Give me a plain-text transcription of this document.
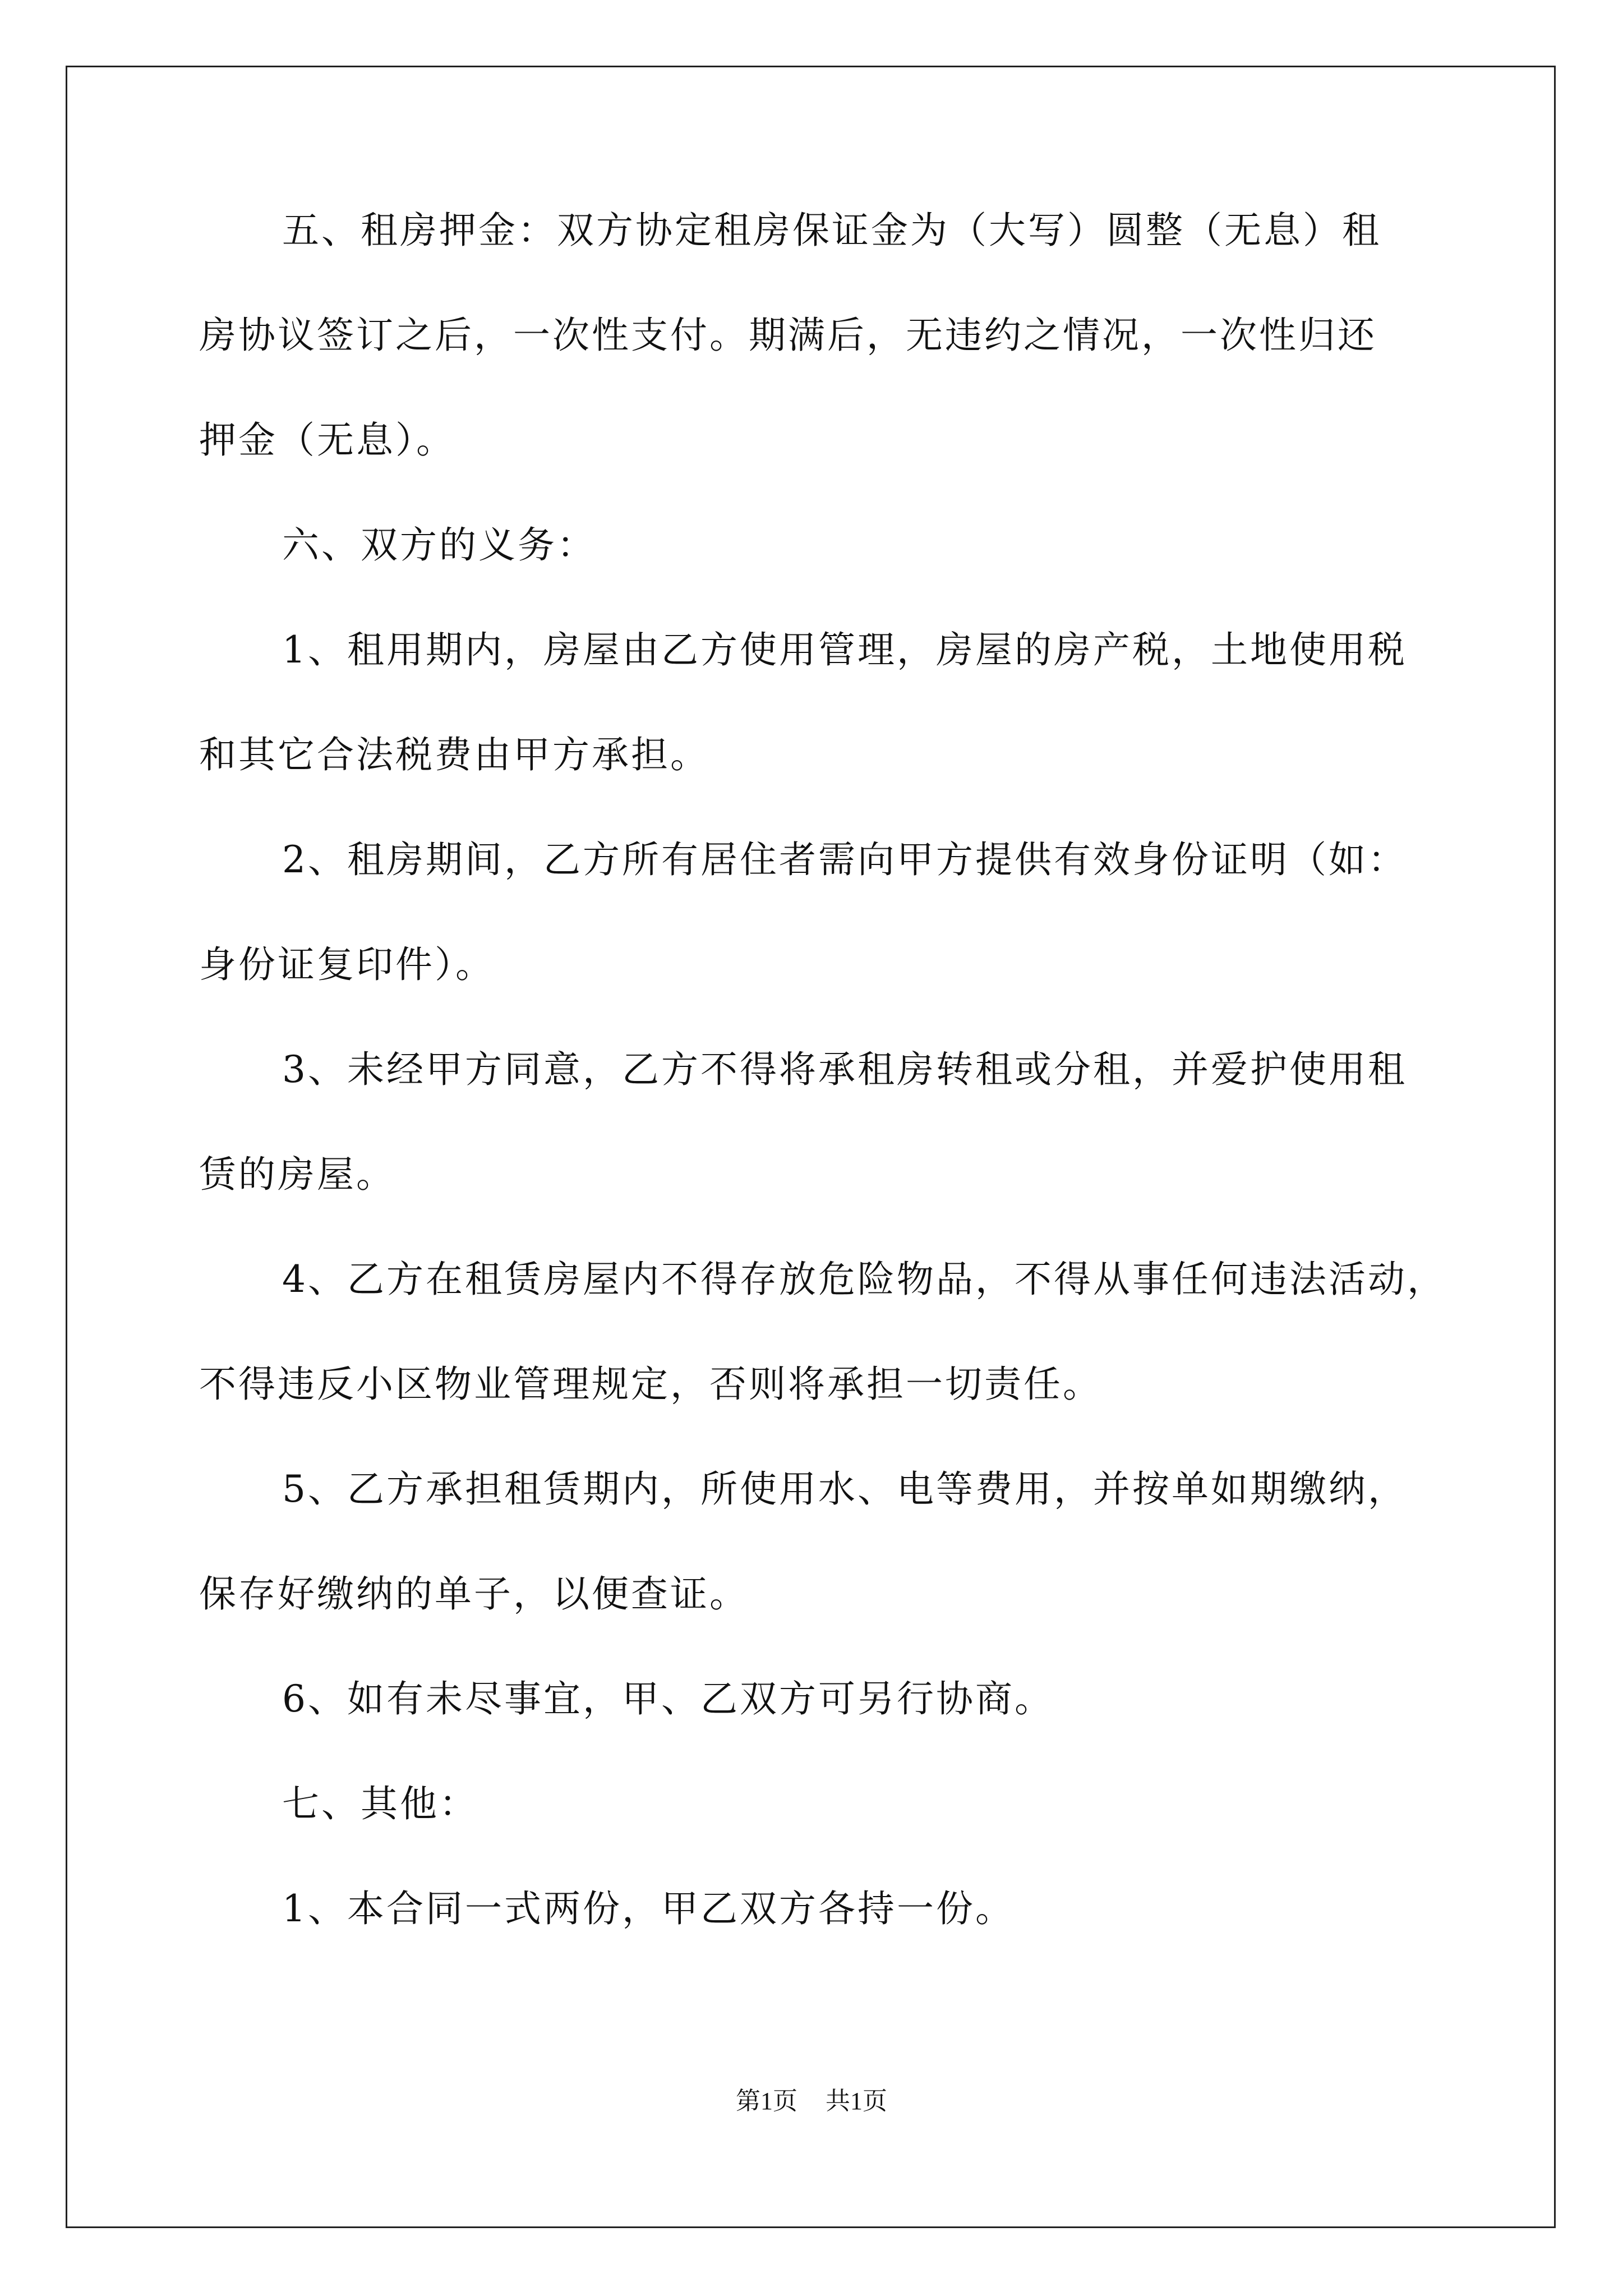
五、租房押金：双方协定租房保证金为（大写）圆整（无息）租
房协议签订之后，一次性支付。期满后，无违约之情况，一次性归还
押金（无息）。
六、双方的义务：
1、租用期内，房屋由乙方使用管理，房屋的房产税，土地使用税
和其它合法税费由甲方承担。
2、租房期间，乙方所有居住者需向甲方提供有效身份证明（如：
身份证复印件）。
3、未经甲方同意，乙方不得将承租房转租或分租，并爱护使用租
赁的房屋。
4、乙方在租赁房屋内不得存放危险物品，不得从事任何违法活动，
不得违反小区物业管理规定，否则将承担一切责任。
5、乙方承担租赁期内，所使用水、电等费用，并按单如期缴纳，
保存好缴纳的单子，以便查证。
6、如有未尽事宜，甲、乙双方可另行协商。
七、其他：
1、本合同一式两份，甲乙双方各持一份。
第1页 共1页
